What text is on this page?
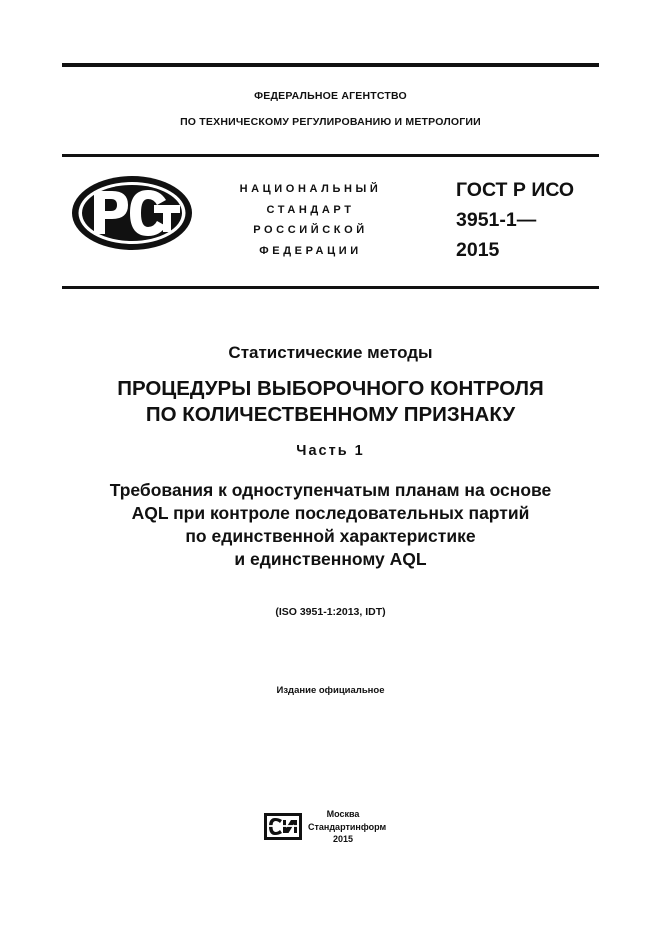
ФЕДЕРАЛЬНОЕ АГЕНТСТВО
ПО ТЕХНИЧЕСКОМУ РЕГУЛИРОВАНИЮ И МЕТРОЛОГИИ
НАЦИОНАЛЬНЫЙ
СТАНДАРТ
РОССИЙСКОЙ
ФЕДЕРАЦИИ
ГОСТ Р ИСО
3951-1—
2015
Статистические методы
ПРОЦЕДУРЫ ВЫБОРОЧНОГО КОНТРОЛЯ
ПО КОЛИЧЕСТВЕННОМУ ПРИЗНАКУ
Часть 1
Требования к одноступенчатым планам на основе
AQL при контроле последовательных партий
по единственной характеристике
и единственному AQL
(ISO 3951-1:2013, IDT)
Издание официальное
Москва
Стандартинформ
2015
